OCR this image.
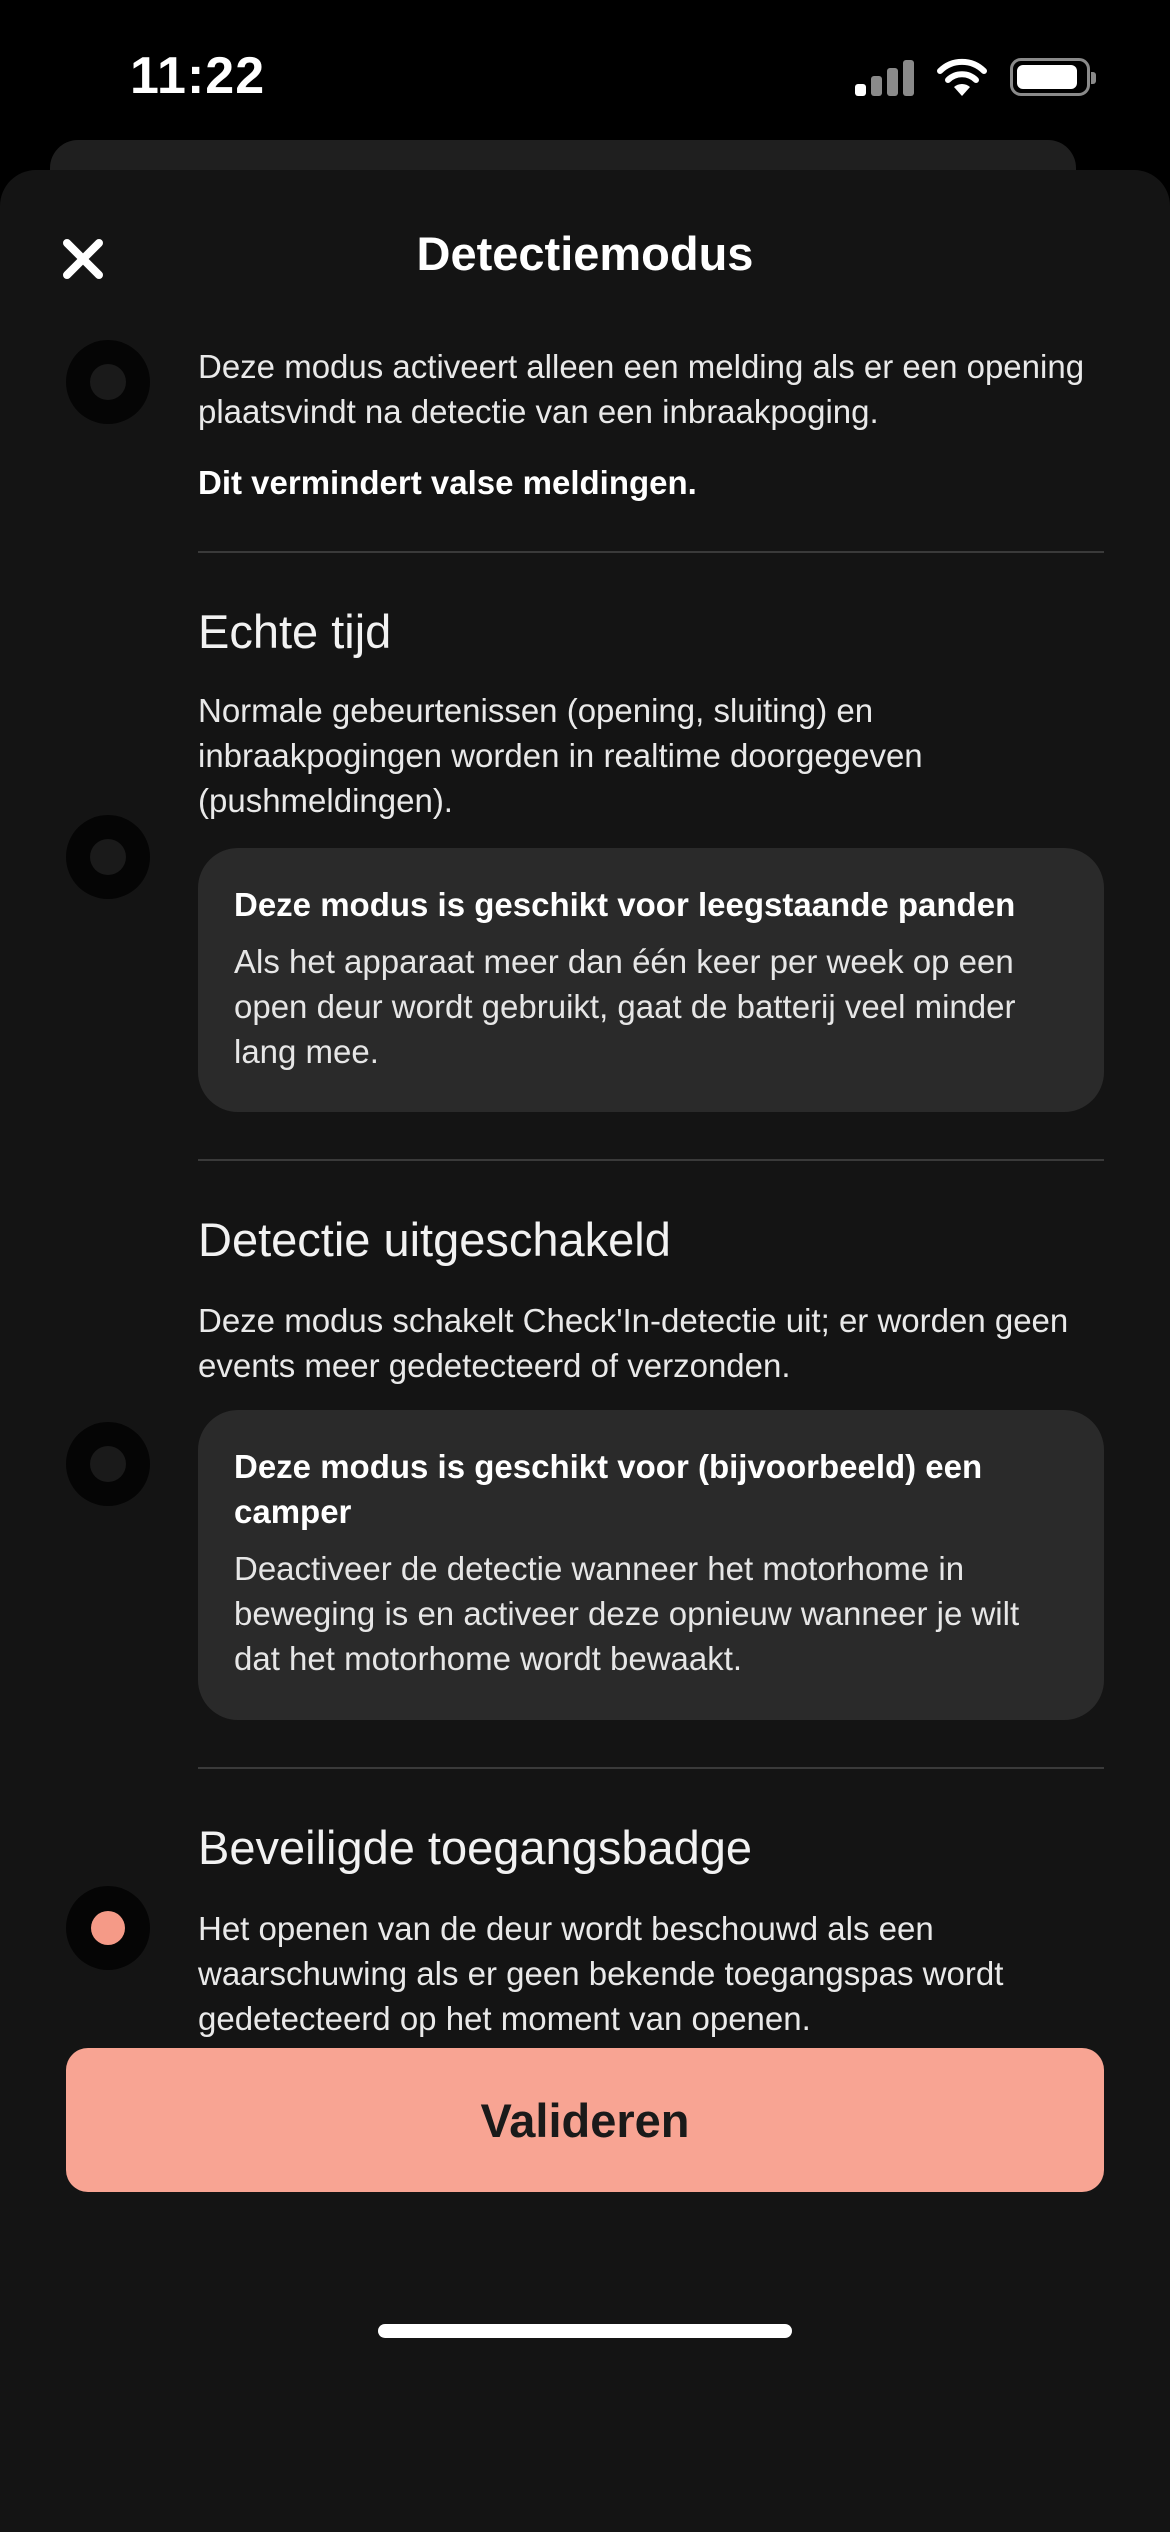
11:22
Detectiemodus
Deze modus activeert alleen een melding als er een opening plaatsvindt na detectie van een inbraakpoging.
Dit vermindert valse meldingen.
Echte tijd
Normale gebeurtenissen (opening, sluiting) en inbraakpogingen worden in realtime doorgegeven (pushmeldingen).
Deze modus is geschikt voor leegstaande panden
Als het apparaat meer dan één keer per week op een open deur wordt gebruikt, gaat de batterij veel minder lang mee.
Detectie uitgeschakeld
Deze modus schakelt Check'In-detectie uit; er worden geen events meer gedetecteerd of verzonden.
Deze modus is geschikt voor (bijvoorbeeld) een camper
Deactiveer de detectie wanneer het motorhome in beweging is en activeer deze opnieuw wanneer je wilt dat het motorhome wordt bewaakt.
Beveiligde toegangsbadge
Het openen van de deur wordt beschouwd als een waarschuwing als er geen bekende toegangspas wordt gedetecteerd op het moment van openen.
Valideren
